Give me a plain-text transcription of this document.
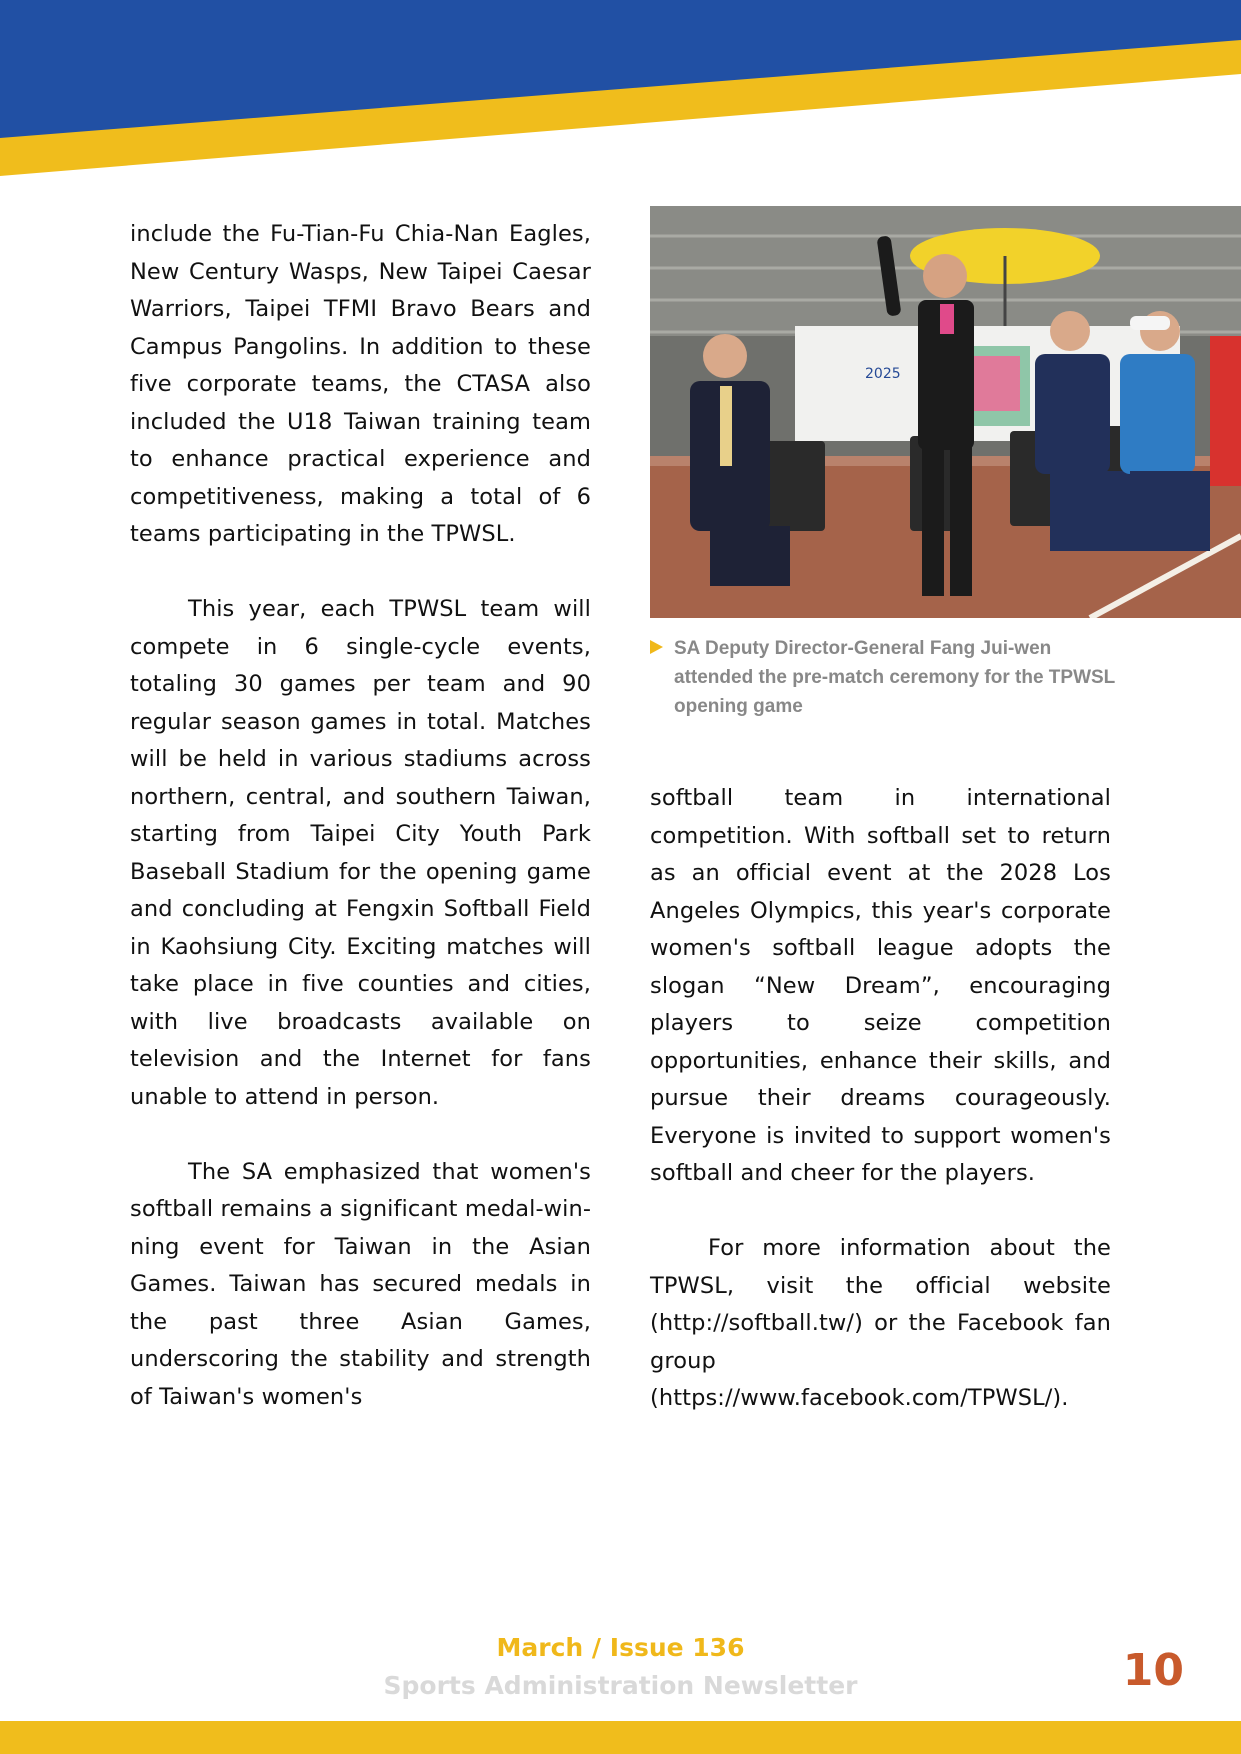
include the Fu-Tian-Fu Chia-Nan Eagles, New Century Wasps, New Taipei Caesar Warriors, Taipei TFMI Bravo Bears and Campus Pangolins. In addition to these five corporate teams, the CTASA also included the U18 Taiwan training team to enhance practical experience and competitiveness, making a total of 6 teams participating in the TPWSL.

This year, each TPWSL team will compete in 6 single-cycle events, totaling 30 games per team and 90 regular season games in total. Matches will be held in various stadiums across northern, central, and southern Taiwan, starting from Taipei City Youth Park Baseball Stadium for the opening game and concluding at Fengxin Softball Field in Kaohsiung City. Exciting matches will take place in five counties and cities, with live broadcasts available on television and the Internet for fans unable to attend in person.

The SA emphasized that women's softball remains a significant medal-winning event for Taiwan in the Asian Games. Taiwan has secured medals in the past three Asian Games, underscoring the stability and strength of Taiwan's women's

2025
SA Deputy Director-General Fang Jui-wen attended the pre-match ceremony for the TPWSL opening game

softball team in international competition. With softball set to return as an official event at the 2028 Los Angeles Olympics, this year's corporate women's softball league adopts the slogan “New Dream”, encouraging players to seize competition opportunities, enhance their skills, and pursue their dreams courageously. Everyone is invited to support women's softball and cheer for the players.

For more information about the TPWSL, visit the official website (http://softball.tw/) or the Facebook fan group (https://www.facebook.com/TPWSL/).

March / Issue 136
Sports Administration Newsletter	10
